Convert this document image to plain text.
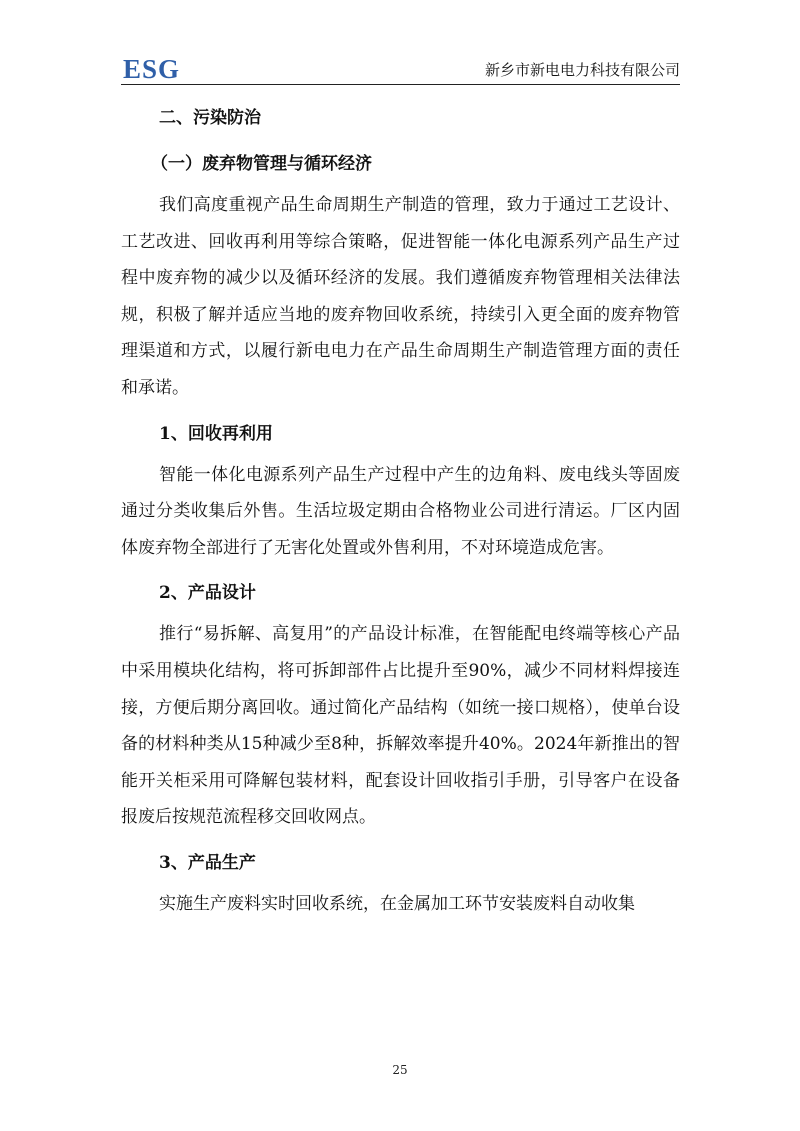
ESG	新乡市新电电力科技有限公司
二、污染防治
（一）废弃物管理与循环经济

我们高度重视产品生命周期生产制造的管理，致力于通过工艺设计、工艺改进、回收再利用等综合策略，促进智能一体化电源系列产品生产过程中废弃物的减少以及循环经济的发展。我们遵循废弃物管理相关法律法规，积极了解并适应当地的废弃物回收系统，持续引入更全面的废弃物管理渠道和方式，以履行新电电力在产品生命周期生产制造管理方面的责任和承诺。

1、回收再利用

智能一体化电源系列产品生产过程中产生的边角料、废电线头等固废通过分类收集后外售。生活垃圾定期由合格物业公司进行清运。厂区内固体废弃物全部进行了无害化处置或外售利用，不对环境造成危害。

2、产品设计

推行“易拆解、高复用”的产品设计标准，在智能配电终端等核心产品中采用模块化结构，将可拆卸部件占比提升至90%，减少不同材料焊接连接，方便后期分离回收。通过简化产品结构（如统一接口规格），使单台设备的材料种类从15种减少至8种，拆解效率提升40%。2024年新推出的智能开关柜采用可降解包装材料，配套设计回收指引手册，引导客户在设备报废后按规范流程移交回收网点。

3、产品生产

实施生产废料实时回收系统，在金属加工环节安装废料自动收集

25
